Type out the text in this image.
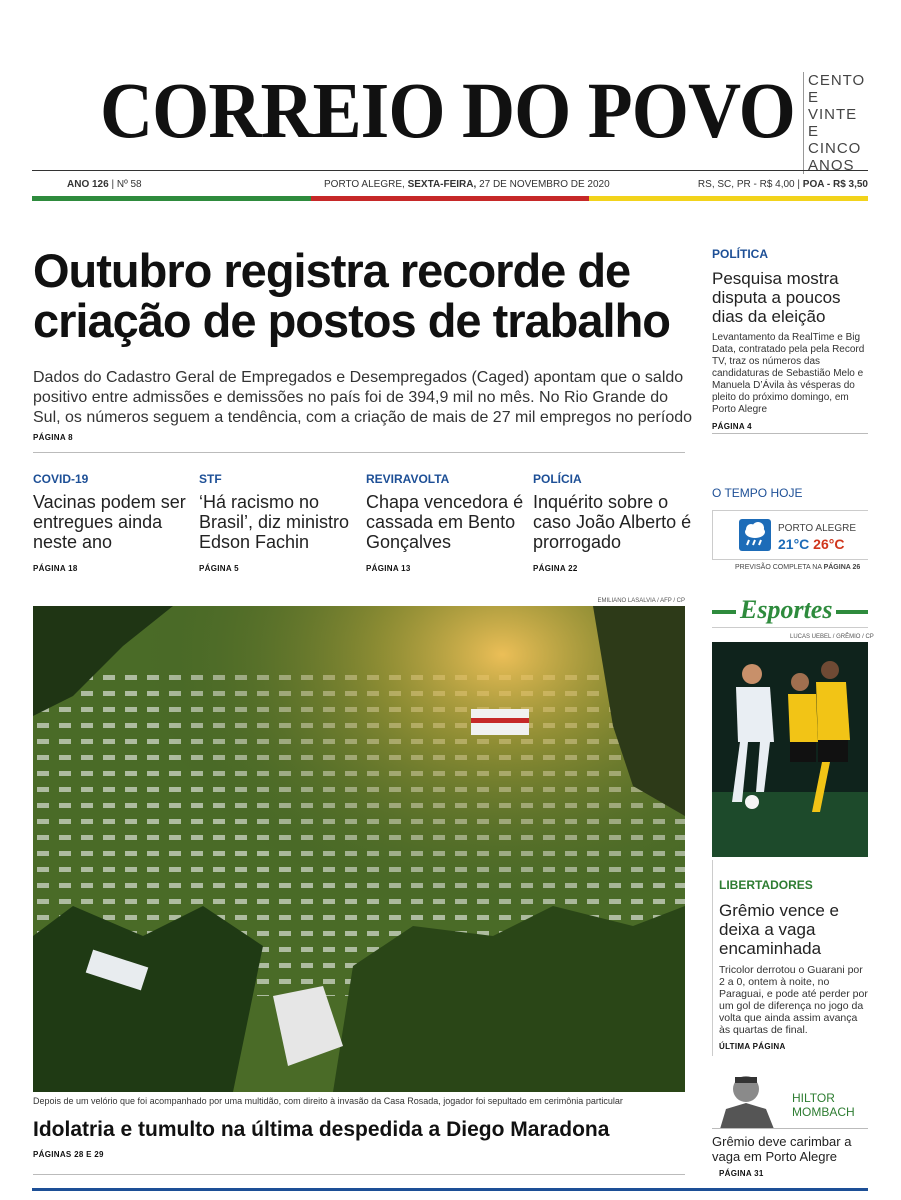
CORREIO DO POVO CENTO E VINTE E CINCO ANOS
ANO 126 | Nº 58	PORTO ALEGRE, SEXTA-FEIRA, 27 DE NOVEMBRO DE 2020	RS, SC, PR - R$ 4,00 | POA - R$ 3,50
Outubro registra recorde de criação de postos de trabalho

Dados do Cadastro Geral de Empregados e Desempregados (Caged) apontam que o saldo positivo entre admissões e demissões no país foi de 394,9 mil no mês. No Rio Grande do Sul, os números seguem a tendência, com a criação de mais de 27 mil empregos no período

PÁGINA 8
COVID-19
Vacinas podem ser entregues ainda neste ano
PÁGINA 18
STF
‘Há racismo no Brasil’, diz ministro Edson Fachin
PÁGINA 5
REVIRAVOLTA
Chapa vencedora é cassada em Bento Gonçalves
PÁGINA 13
POLÍCIA
Inquérito sobre o caso João Alberto é prorrogado
PÁGINA 22
EMILIANO LASALVIA / AFP / CP
Depois de um velório que foi acompanhado por uma multidão, com direito à invasão da Casa Rosada, jogador foi sepultado em cerimônia particular
Idolatria e tumulto na última despedida a Diego Maradona
PÁGINAS 28 E 29
POLÍTICA
Pesquisa mostra disputa a poucos dias da eleição
Levantamento da RealTime e Big Data, contratado pela pela Record TV, traz os números das candidaturas de Sebastião Melo e Manuela D’Ávila às vésperas do pleito do próximo domingo, em Porto Alegre
PÁGINA 4
O TEMPO HOJE
PORTO ALEGRE
21°C 26°C
PREVISÃO COMPLETA NA PÁGINA 26
Esportes
LUCAS UEBEL / GRÊMIO / CP
LIBERTADORES
Grêmio vence e deixa a vaga encaminhada
Tricolor derrotou o Guarani por 2 a 0, ontem à noite, no Paraguai, e pode até perder por um gol de diferença no jogo da volta que ainda assim avança às quartas de final.
ÚLTIMA PÁGINA
HILTOR
MOMBACH
Grêmio deve carimbar a vaga em Porto Alegre
PÁGINA 31
